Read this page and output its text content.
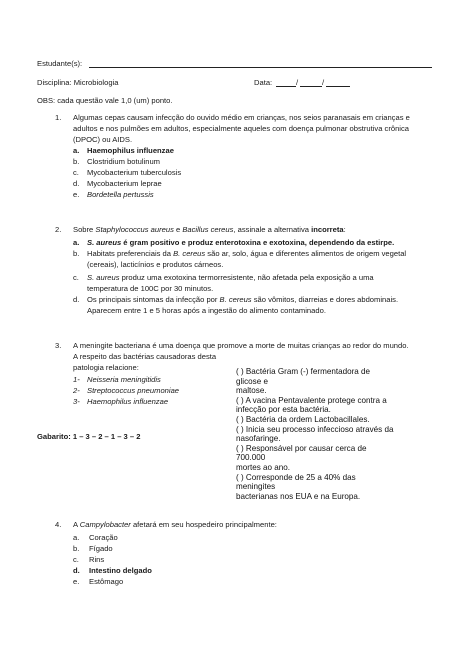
Estudante(s):
Disciplina: Microbiologia	Data:	/	/
OBS: cada questão vale 1,0 (um) ponto.
1. Algumas cepas causam infecção do ouvido médio em crianças, nos seios paranasais em crianças e
adultos e nos pulmões em adultos, especialmente aqueles com doença pulmonar obstrutiva crônica
(DPOC) ou AIDS.
a. Haemophilus influenzae
b. Clostridium botulinum
c. Mycobacterium tuberculosis
d. Mycobacterium leprae
e. Bordetella pertussis
2. Sobre Staphylococcus aureus e Bacillus cereus, assinale a alternativa incorreta:
a. S. aureus é gram positivo e produz enterotoxina e exotoxina, dependendo da estirpe.
b. Habitats preferenciais da B. cereus são ar, solo, água e diferentes alimentos de origem vegetal
(cereais), lacticínios e produtos cárneos.
c. S. aureus produz uma exotoxina termorresistente, não afetada pela exposição a uma
temperatura de 100C por 30 minutos.
d. Os principais sintomas da infecção por B. cereus são vômitos, diarreias e dores abdominais.
Aparecem entre 1 e 5 horas após a ingestão do alimento contaminado.
3. A meningite bacteriana é uma doença que promove a morte de muitas crianças ao redor do mundo.
A respeito das bactérias causadoras desta
patologia relacione:
1- Neisseria meningitidis
2- Streptococcus pneumoniae
3- Haemophilus influenzae
Gabarito: 1 – 3 – 2 – 1 – 3 – 2
( ) Bactéria Gram (-) fermentadora de
glicose e
maltose.
( ) A vacina Pentavalente protege contra a
infecção por esta bactéria.
( ) Bactéria da ordem Lactobacillales.
( ) Inicia seu processo infeccioso através da
nasofaringe.
( ) Responsável por causar cerca de
700.000
mortes ao ano.
( ) Corresponde de 25 a 40% das
meningites
bacterianas nos EUA e na Europa.
4. A Campylobacter afetará em seu hospedeiro principalmente:
a. Coração
b. Fígado
c. Rins
d. Intestino delgado
e. Estômago
